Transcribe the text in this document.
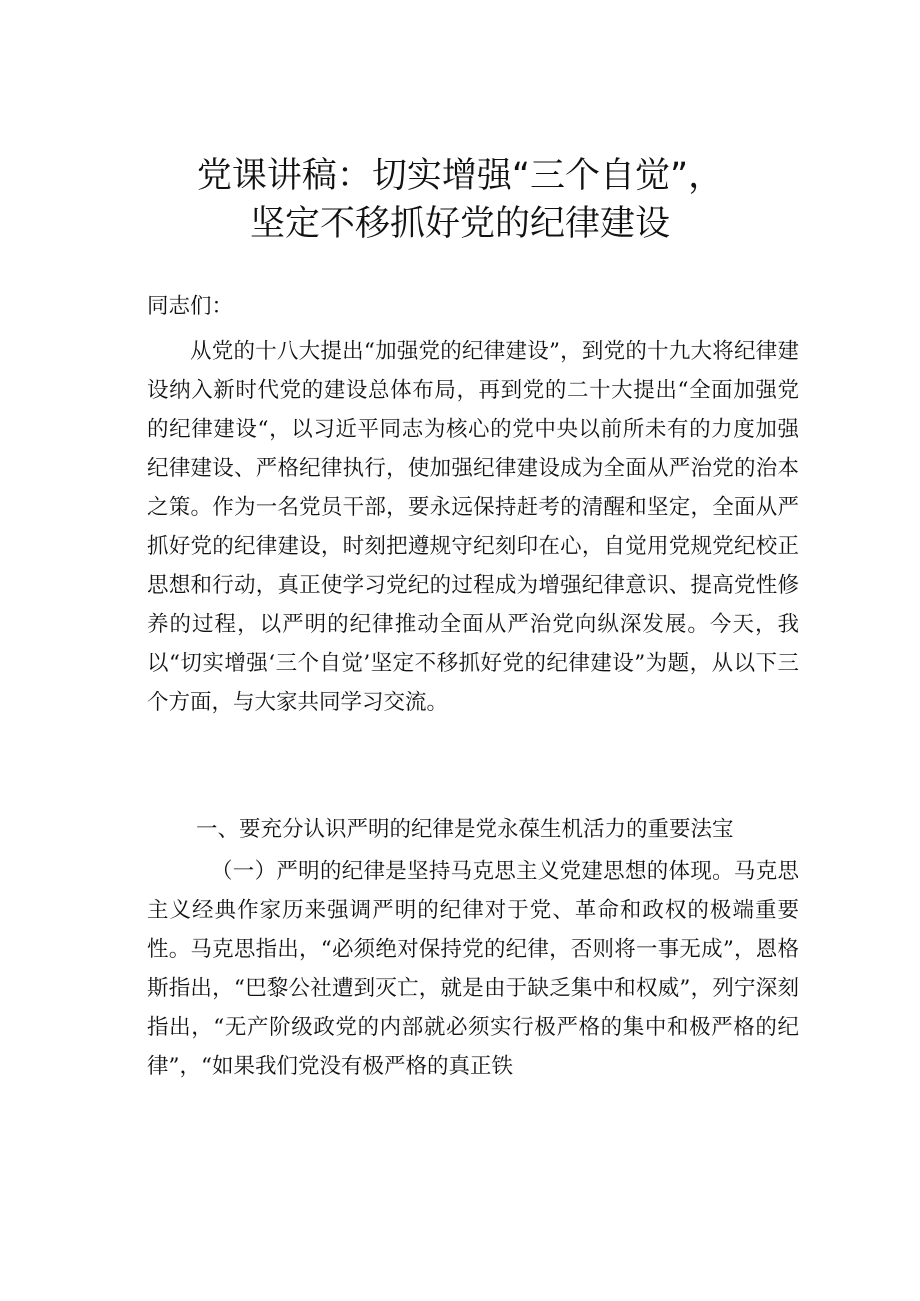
党课讲稿：切实增强“三个自觉”，
坚定不移抓好党的纪律建设

同志们：

从党的十八大提出“加强党的纪律建设”，到党的十九大将纪律建设纳入新时代党的建设总体布局，再到党的二十大提出“全面加强党的纪律建设“，以习近平同志为核心的党中央以前所未有的力度加强纪律建设、严格纪律执行，使加强纪律建设成为全面从严治党的治本之策。作为一名党员干部，要永远保持赶考的清醒和坚定，全面从严抓好党的纪律建设，时刻把遵规守纪刻印在心，自觉用党规党纪校正思想和行动，真正使学习党纪的过程成为增强纪律意识、提高党性修养的过程，以严明的纪律推动全面从严治党向纵深发展。今天，我以“切实增强‘三个自觉’坚定不移抓好党的纪律建设”为题，从以下三个方面，与大家共同学习交流。

一、要充分认识严明的纪律是党永葆生机活力的重要法宝

（一）严明的纪律是坚持马克思主义党建思想的体现。马克思主义经典作家历来强调严明的纪律对于党、革命和政权的极端重要性。马克思指出，“必须绝对保持党的纪律，否则将一事无成”，恩格斯指出，“巴黎公社遭到灭亡，就是由于缺乏集中和权威”，列宁深刻指出，“无产阶级政党的内部就必须实行极严格的集中和极严格的纪律”，“如果我们党没有极严格的真正铁
